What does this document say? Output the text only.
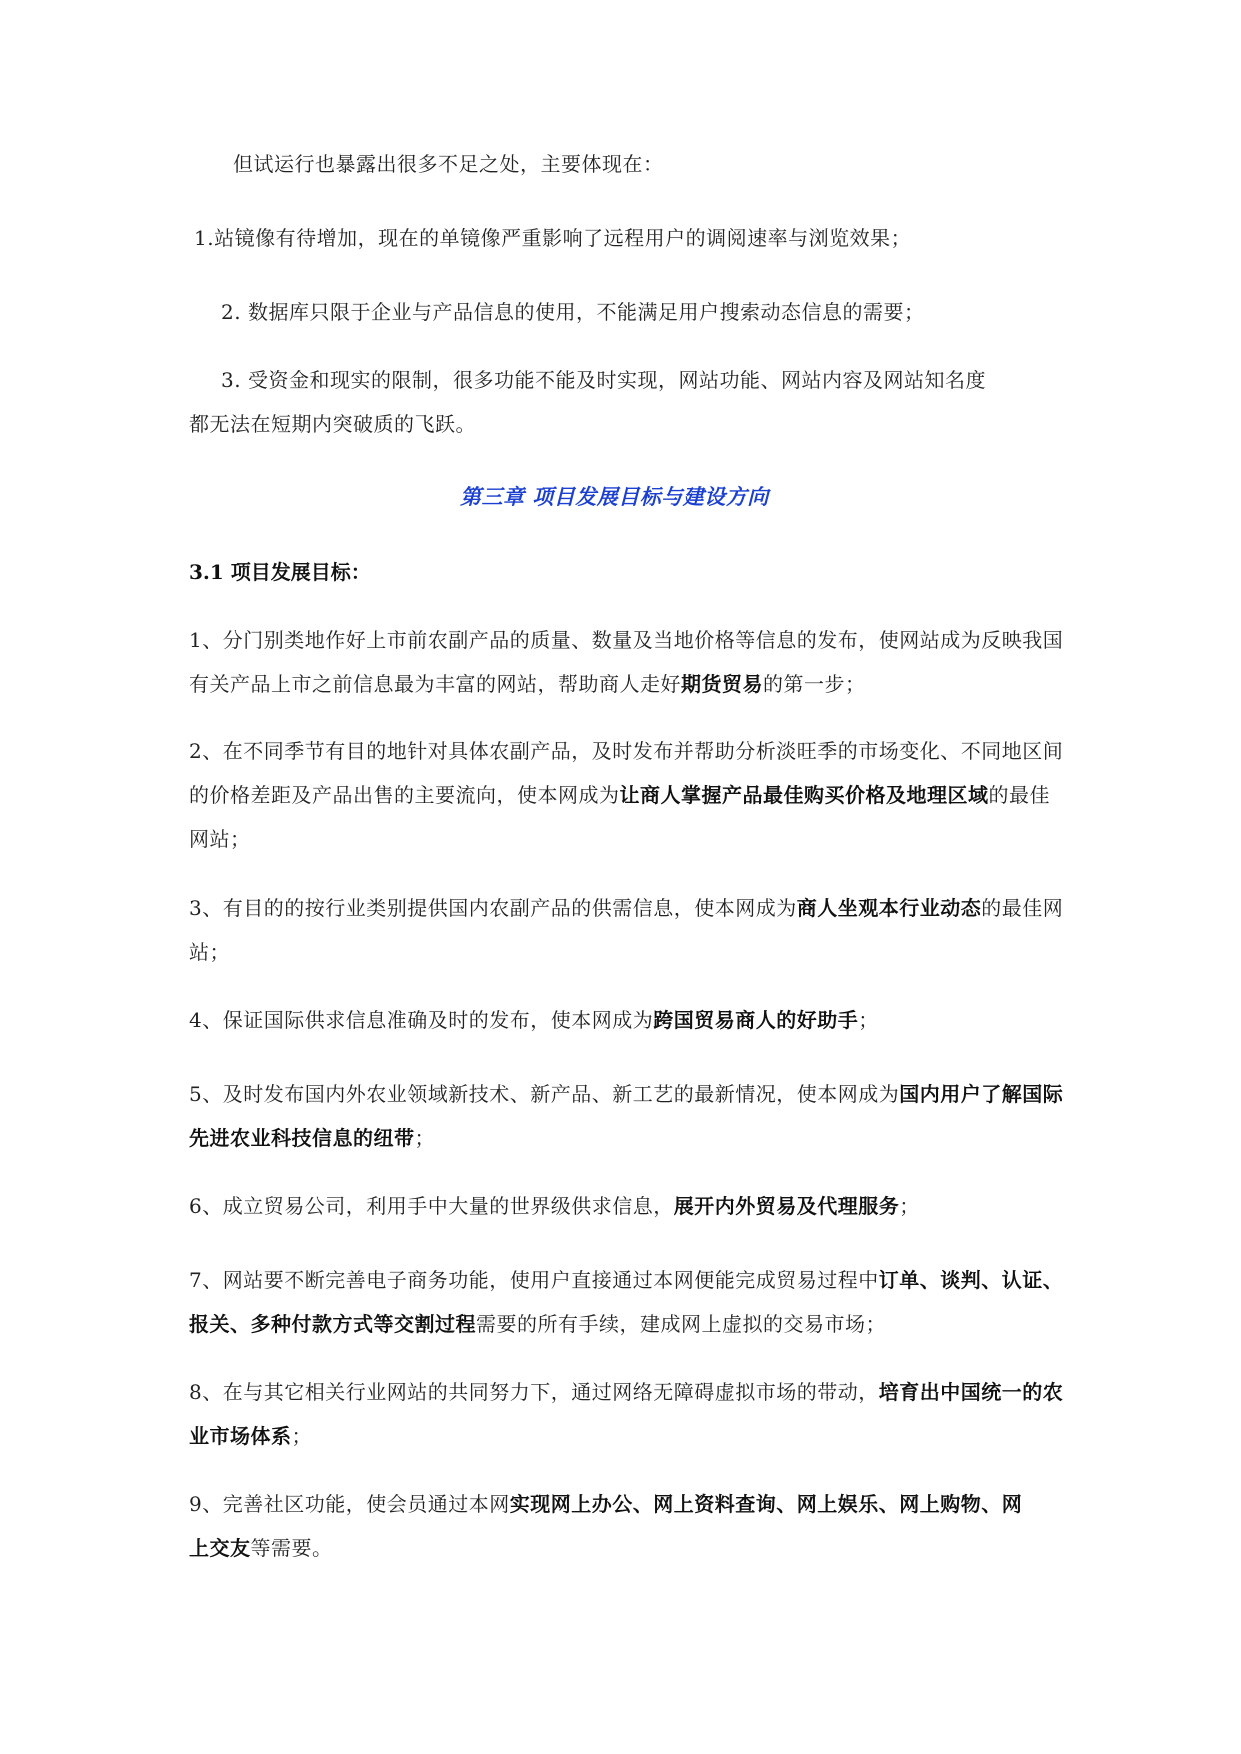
但试运行也暴露出很多不足之处，主要体现在：
1.站镜像有待增加，现在的单镜像严重影响了远程用户的调阅速率与浏览效果；
2. 数据库只限于企业与产品信息的使用，不能满足用户搜索动态信息的需要；
3. 受资金和现实的限制，很多功能不能及时实现，网站功能、网站内容及网站知名度
都无法在短期内突破质的飞跃。
第三章 项目发展目标与建设方向
3.1 项目发展目标：
1、分门别类地作好上市前农副产品的质量、数量及当地价格等信息的发布，使网站成为反映我国有关产品上市之前信息最为丰富的网站，帮助商人走好期货贸易的第一步；
2、在不同季节有目的地针对具体农副产品，及时发布并帮助分析淡旺季的市场变化、不同地区间的价格差距及产品出售的主要流向，使本网成为让商人掌握产品最佳购买价格及地理区域的最佳网站；
3、有目的的按行业类别提供国内农副产品的供需信息，使本网成为商人坐观本行业动态的最佳网站；
4、保证国际供求信息准确及时的发布，使本网成为跨国贸易商人的好助手；
5、及时发布国内外农业领域新技术、新产品、新工艺的最新情况，使本网成为国内用户了解国际先进农业科技信息的纽带；
6、成立贸易公司，利用手中大量的世界级供求信息，展开内外贸易及代理服务；
7、网站要不断完善电子商务功能，使用户直接通过本网便能完成贸易过程中订单、谈判、认证、报关、多种付款方式等交割过程需要的所有手续，建成网上虚拟的交易市场；
8、在与其它相关行业网站的共同努力下，通过网络无障碍虚拟市场的带动，培育出中国统一的农业市场体系；
9、完善社区功能，使会员通过本网实现网上办公、网上资料查询、网上娱乐、网上购物、网上交友等需要。
